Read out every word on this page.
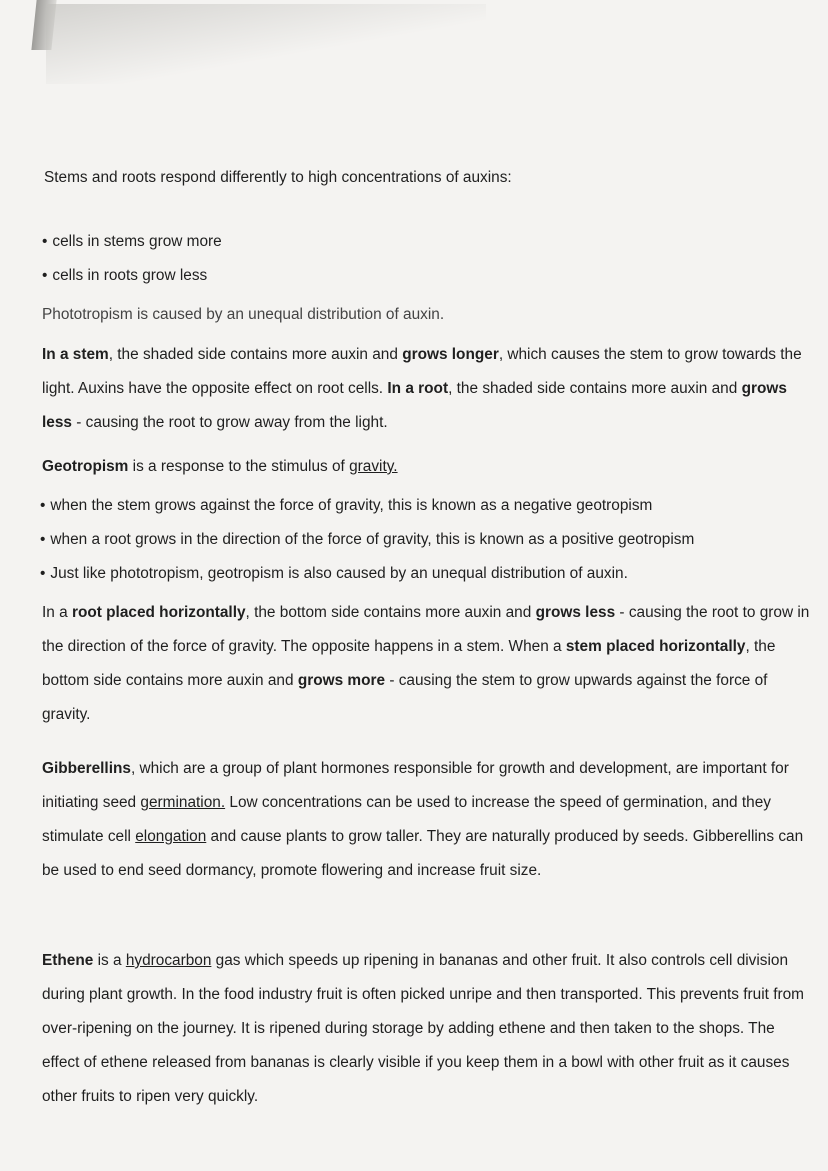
Stems and roots respond differently to high concentrations of auxins:

• cells in stems grow more
• cells in roots grow less

Phototropism is caused by an unequal distribution of auxin.

In a stem, the shaded side contains more auxin and grows longer, which causes the stem to grow towards the light. Auxins have the opposite effect on root cells. In a root, the shaded side contains more auxin and grows less - causing the root to grow away from the light.

Geotropism is a response to the stimulus of gravity.

• when the stem grows against the force of gravity, this is known as a negative geotropism
• when a root grows in the direction of the force of gravity, this is known as a positive geotropism
• Just like phototropism, geotropism is also caused by an unequal distribution of auxin.

In a root placed horizontally, the bottom side contains more auxin and grows less - causing the root to grow in the direction of the force of gravity. The opposite happens in a stem. When a stem placed horizontally, the bottom side contains more auxin and grows more - causing the stem to grow upwards against the force of gravity.

Gibberellins, which are a group of plant hormones responsible for growth and development, are important for initiating seed germination. Low concentrations can be used to increase the speed of germination, and they stimulate cell elongation and cause plants to grow taller. They are naturally produced by seeds. Gibberellins can be used to end seed dormancy, promote flowering and increase fruit size.

Ethene is a hydrocarbon gas which speeds up ripening in bananas and other fruit. It also controls cell division during plant growth. In the food industry fruit is often picked unripe and then transported. This prevents fruit from over-ripening on the journey. It is ripened during storage by adding ethene and then taken to the shops. The effect of ethene released from bananas is clearly visible if you keep them in a bowl with other fruit as it causes other fruits to ripen very quickly.
